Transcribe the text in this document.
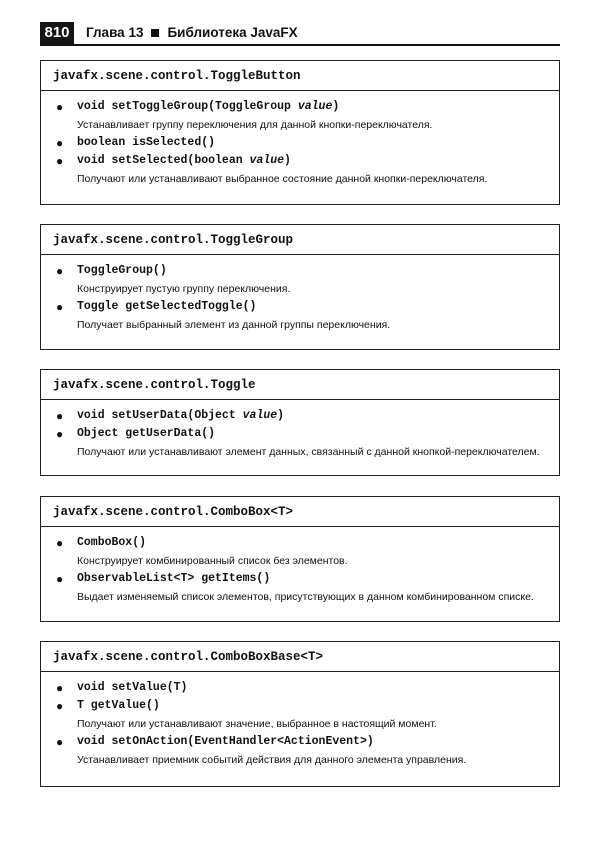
810	Глава 13 Библиотека JavaFX
javafx.scene.control.ToggleButton
● void setToggleGroup(ToggleGroup value)
Устанавливает группу переключения для данной кнопки-переключателя.
● boolean isSelected()
● void setSelected(boolean value)
Получают или устанавливают выбранное состояние данной кнопки-переключателя.
javafx.scene.control.ToggleGroup
● ToggleGroup()
Конструирует пустую группу переключения.
● Toggle getSelectedToggle()
Получает выбранный элемент из данной группы переключения.
javafx.scene.control.Toggle
● void setUserData(Object value)
● Object getUserData()
Получают или устанавливают элемент данных, связанный с данной кнопкой-переключателем.
javafx.scene.control.ComboBox<T>
● ComboBox()
Конструирует комбинированный список без элементов.
● ObservableList<T> getItems()
Выдает изменяемый список элементов, присутствующих в данном комбинированном списке.
javafx.scene.control.ComboBoxBase<T>
● void setValue(T)
● T getValue()
Получают или устанавливают значение, выбранное в настоящий момент.
● void setOnAction(EventHandler<ActionEvent>)
Устанавливает приемник событий действия для данного элемента управления.
